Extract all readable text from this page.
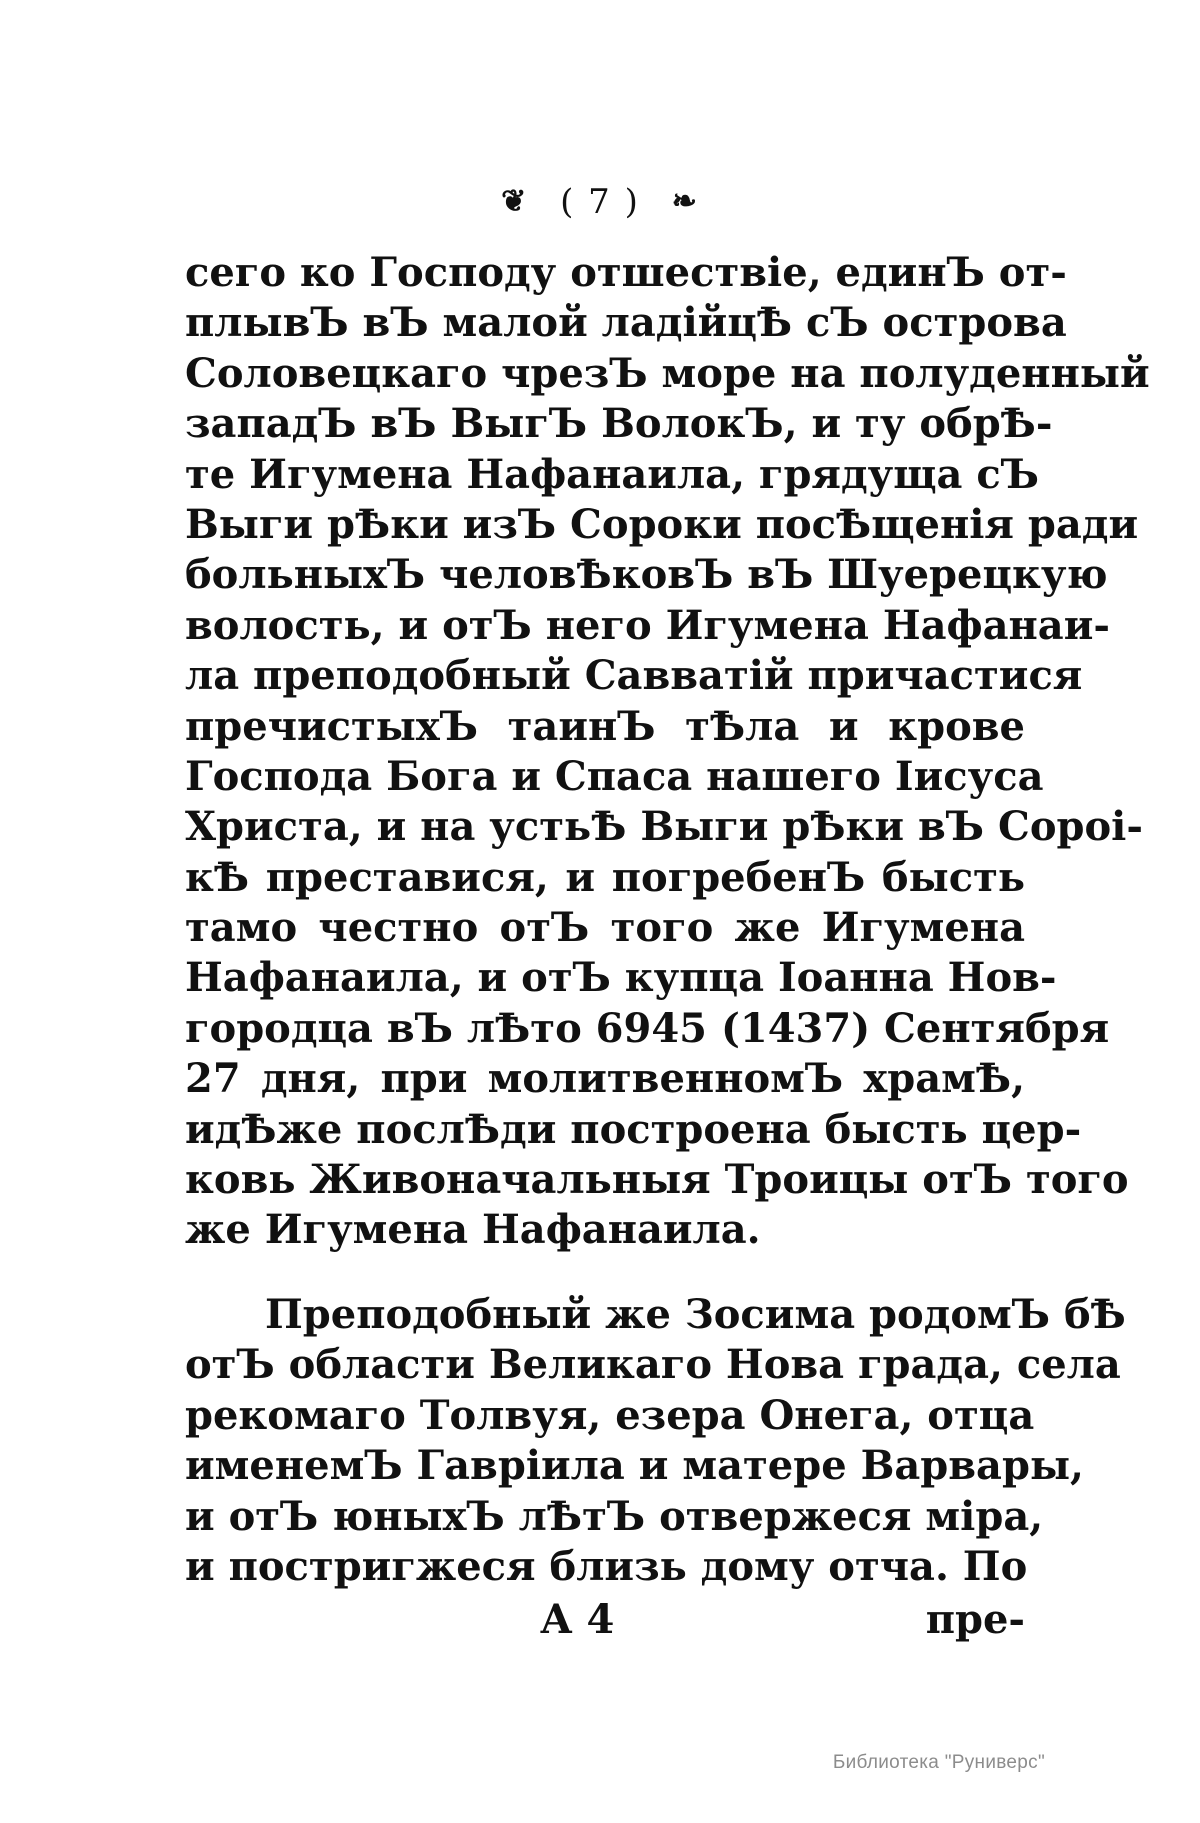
❦ ( 7 ) ❧
сего ко Господу отшествіе, единЪ от-
плывЪ вЪ малой ладійцѢ сЪ острова
Соловецкаго чрезЪ море на полуденный
западЪ вЪ ВыгЪ ВолокЪ, и ту обрѢ-
те Игумена Нафанаила, грядуща сЪ
Выги рѢки изЪ Сороки посѢщенія ради
больныхЪ человѢковЪ вЪ Шуерецкую
волость, и отЪ него Игумена Нафанаи-
ла преподобный Савватій причастися
пречистыхЪ таинЪ тѢла и крове
Господа Бога и Спаса нашего Іисуса
Христа, и на устьѢ Выги рѢки вЪ Сороі-
кѢ преставися, и погребенЪ бысть
тамо честно отЪ того же Игумена
Нафанаила, и отЪ купца Іоанна Нов-
городца вЪ лѢто 6945 (1437) Сентября
27 дня, при молитвенномЪ храмѢ,
идѢже послѢди построена бысть цер-
ковь Живоначальныя Троицы отЪ того
же Игумена Нафанаила.
Преподобный же Зосима родомЪ бѢ
отЪ области Великаго Нова града, села
рекомаго Толвуя, езера Онега, отца
именемЪ Гавріила и матере Варвары,
и отЪ юныхЪ лѢтЪ отвержеся міра,
и постригжеся близь дому отча. По
А 4	пре-
Библиотека "Руниверс"
